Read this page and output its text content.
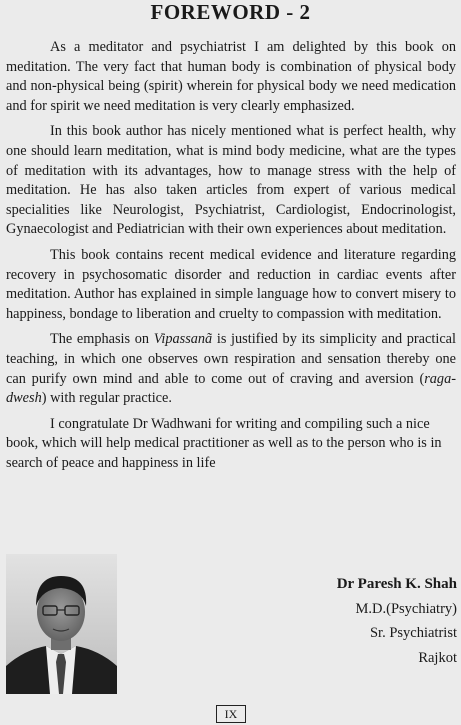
FOREWORD - 2

As a meditator and psychiatrist I am delighted by this book on meditation. The very fact that human body is combination of physical body and non-physical being (spirit) wherein for physical body we need medication and for spirit we need meditation is very clearly emphasized.

In this book author has nicely mentioned what is perfect health, why one should learn meditation, what is mind body medicine, what are the types of meditation with its advantages, how to manage stress with the help of meditation. He has also taken articles from expert of various medical specialities like Neurologist, Psychiatrist, Cardiologist, Endocrinologist, Gynaecologist and Pediatrician with their own experiences about meditation.

This book contains recent medical evidence and literature regarding recovery in psychosomatic disorder and reduction in cardiac events after meditation. Author has explained in simple language how to convert misery to happiness, bondage to liberation and cruelty to compassion with meditation.

The emphasis on Vipassanã is justified by its simplicity and practical teaching, in which one observes own respiration and sensation thereby one can purify own mind and able to come out of craving and aversion (raga-dwesh) with regular practice.

I congratulate Dr Wadhwani for writing and compiling such a nice book, which will help medical practitioner as well as to the person who is in search of peace and happiness in life

Dr Paresh K. Shah
M.D.(Psychiatry)
Sr. Psychiatrist
Rajkot
IX
